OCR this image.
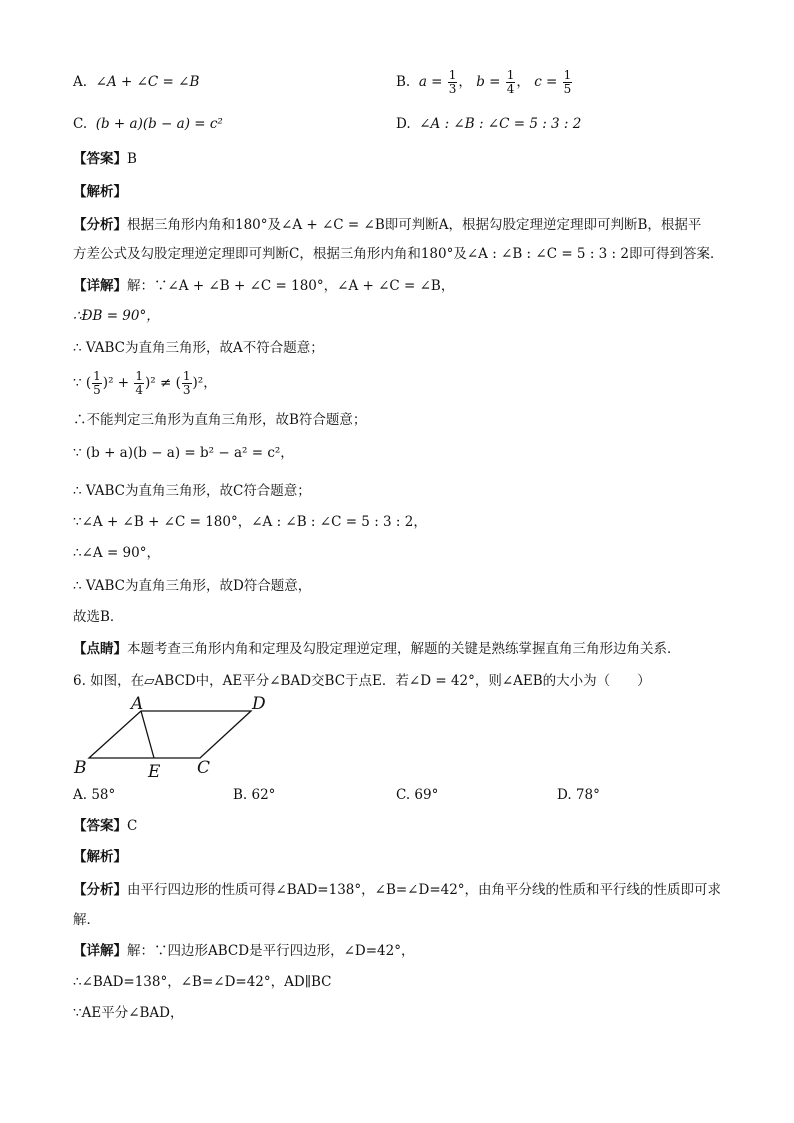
A. ∠A + ∠C = ∠B	B. $a = \frac{1}{3}$ ， $b = \frac{1}{4}$ ， $c = \frac{1}{5}$
C. (b + a)(b − a) = c²	D. ∠A : ∠B : ∠C = 5 : 3 : 2
【答案】B
【解析】
【分析】根据三角形内角和180°及∠A + ∠C = ∠B即可判断A，根据勾股定理逆定理即可判断B，根据平
方差公式及勾股定理逆定理即可判断C，根据三角形内角和180°及∠A : ∠B : ∠C = 5 : 3 : 2即可得到答案．
【详解】解：∵∠A + ∠B + ∠C = 180°，∠A + ∠C = ∠B，
∴ÐB = 90°，
∴ VABC为直角三角形，故A不符合题意；
∵ ( $\frac{1}{5} )^2 + \frac{1}{4} )^2$ ≠ ( $\frac{1}{3} )^2$，
∴不能判定三角形为直角三角形，故B符合题意；
∵ (b + a)(b − a) = b² − a² = c²，
∴ VABC为直角三角形，故C符合题意；
∵∠A + ∠B + ∠C = 180°，∠A : ∠B : ∠C = 5 : 3 : 2，
∴∠A = 90°，
∴ VABC为直角三角形，故D符合题意，
故选B．
【点睛】本题考查三角形内角和定理及勾股定理逆定理，解题的关键是熟练掌握直角三角形边角关系．
6. 如图，在▱ABCD中，AE平分∠BAD交BC于点E．若∠D = 42°，则∠AEB的大小为（　　）
A	D
B	E C
A. 58°	B. 62°	C. 69°	D. 78°
【答案】C
【解析】
【分析】由平行四边形的性质可得∠BAD=138°，∠B=∠D=42°，由角平分线的性质和平行线的性质即可求
解．
【详解】解：∵四边形ABCD是平行四边形，∠D=42°，
∴∠BAD=138°，∠B=∠D=42°，AD∥BC
∵AE平分∠BAD，
